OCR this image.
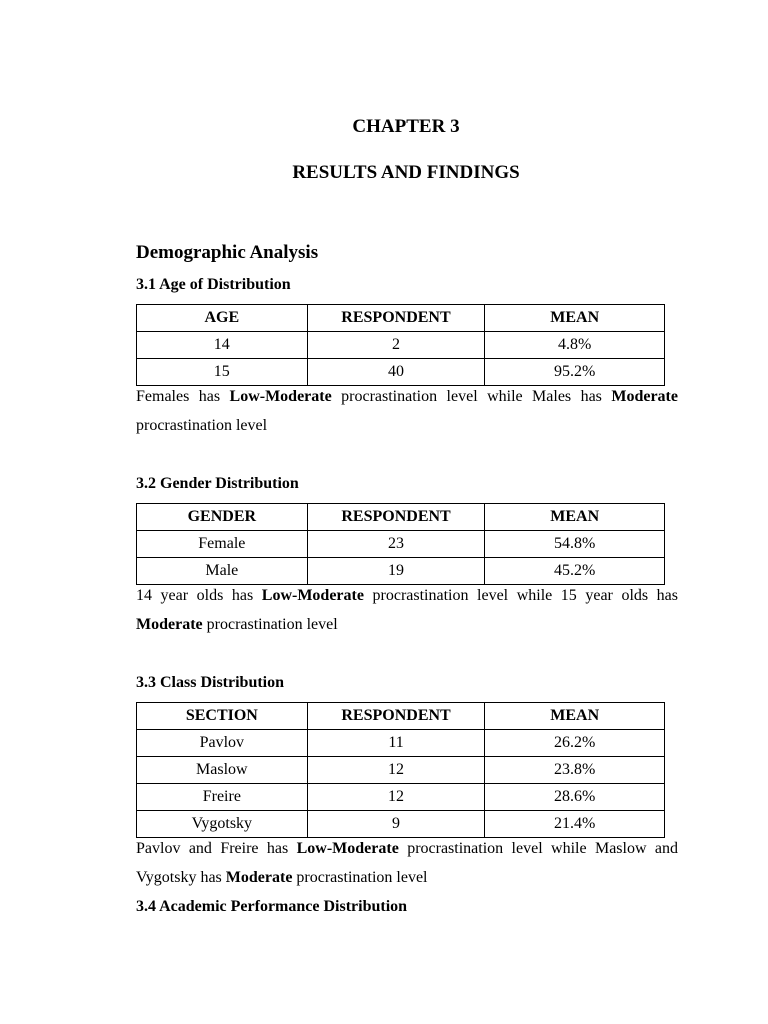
CHAPTER 3
RESULTS AND FINDINGS
Demographic Analysis
3.1 Age of Distribution
AGE	RESPONDENT	MEAN
14	2	4.8%
15	40	95.2%

Females has Low-Moderate procrastination level while Males has Moderate procrastination level

3.2 Gender Distribution
GENDER	RESPONDENT	MEAN
Female	23	54.8%
Male	19	45.2%

14 year olds has Low-Moderate procrastination level while 15 year olds has Moderate procrastination level

3.3 Class Distribution
SECTION	RESPONDENT	MEAN
Pavlov	11	26.2%
Maslow	12	23.8%
Freire	12	28.6%
Vygotsky	9	21.4%

Pavlov and Freire has Low-Moderate procrastination level while Maslow and Vygotsky has Moderate procrastination level

3.4 Academic Performance Distribution
